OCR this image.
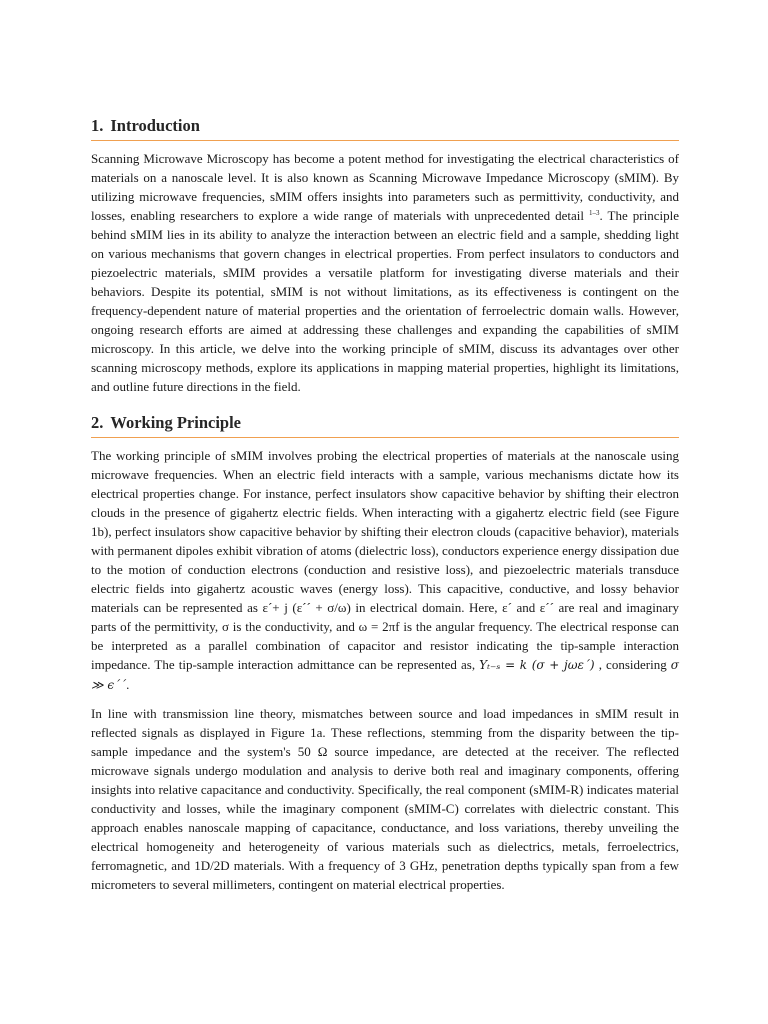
1. Introduction

Scanning Microwave Microscopy has become a potent method for investigating the electrical characteristics of materials on a nanoscale level. It is also known as Scanning Microwave Impedance Microscopy (sMIM). By utilizing microwave frequencies, sMIM offers insights into parameters such as permittivity, conductivity, and losses, enabling researchers to explore a wide range of materials with unprecedented detail $^{1-3}$. The principle behind sMIM lies in its ability to analyze the interaction between an electric field and a sample, shedding light on various mechanisms that govern changes in electrical properties. From perfect insulators to conductors and piezoelectric materials, sMIM provides a versatile platform for investigating diverse materials and their behaviors. Despite its potential, sMIM is not without limitations, as its effectiveness is contingent on the frequency-dependent nature of material properties and the orientation of ferroelectric domain walls. However, ongoing research efforts are aimed at addressing these challenges and expanding the capabilities of sMIM microscopy. In this article, we delve into the working principle of sMIM, discuss its advantages over other scanning microscopy methods, explore its applications in mapping material properties, highlight its limitations, and outline future directions in the field.

2. Working Principle

The working principle of sMIM involves probing the electrical properties of materials at the nanoscale using microwave frequencies. When an electric field interacts with a sample, various mechanisms dictate how its electrical properties change. For instance, perfect insulators show capacitive behavior by shifting their electron clouds in the presence of gigahertz electric fields. When interacting with a gigahertz electric field (see Figure 1b), perfect insulators show capacitive behavior by shifting their electron clouds (capacitive behavior), materials with permanent dipoles exhibit vibration of atoms (dielectric loss), conductors experience energy dissipation due to the motion of conduction electrons (conduction and resistive loss), and piezoelectric materials transduce electric fields into gigahertz acoustic waves (energy loss). This capacitive, conductive, and lossy behavior materials can be represented as ε´+ j (ε´´ + σ/ω) in electrical domain. Here, ε´ and ε´´ are real and imaginary parts of the permittivity, σ is the conductivity, and ω = 2πf is the angular frequency. The electrical response can be interpreted as a parallel combination of capacitor and resistor indicating the tip-sample interaction impedance. The tip-sample interaction admittance can be represented as, Yₜ₋ₛ = k (σ + jωε´) , considering σ ≫ ϵ´´.

In line with transmission line theory, mismatches between source and load impedances in sMIM result in reflected signals as displayed in Figure 1a. These reflections, stemming from the disparity between the tip-sample impedance and the system's 50 Ω source impedance, are detected at the receiver. The reflected microwave signals undergo modulation and analysis to derive both real and imaginary components, offering insights into relative capacitance and conductivity. Specifically, the real component (sMIM-R) indicates material conductivity and losses, while the imaginary component (sMIM-C) correlates with dielectric constant. This approach enables nanoscale mapping of capacitance, conductance, and loss variations, thereby unveiling the electrical homogeneity and heterogeneity of various materials such as dielectrics, metals, ferroelectrics, ferromagnetic, and 1D/2D materials. With a frequency of 3 GHz, penetration depths typically span from a few micrometers to several millimeters, contingent on material electrical properties.
